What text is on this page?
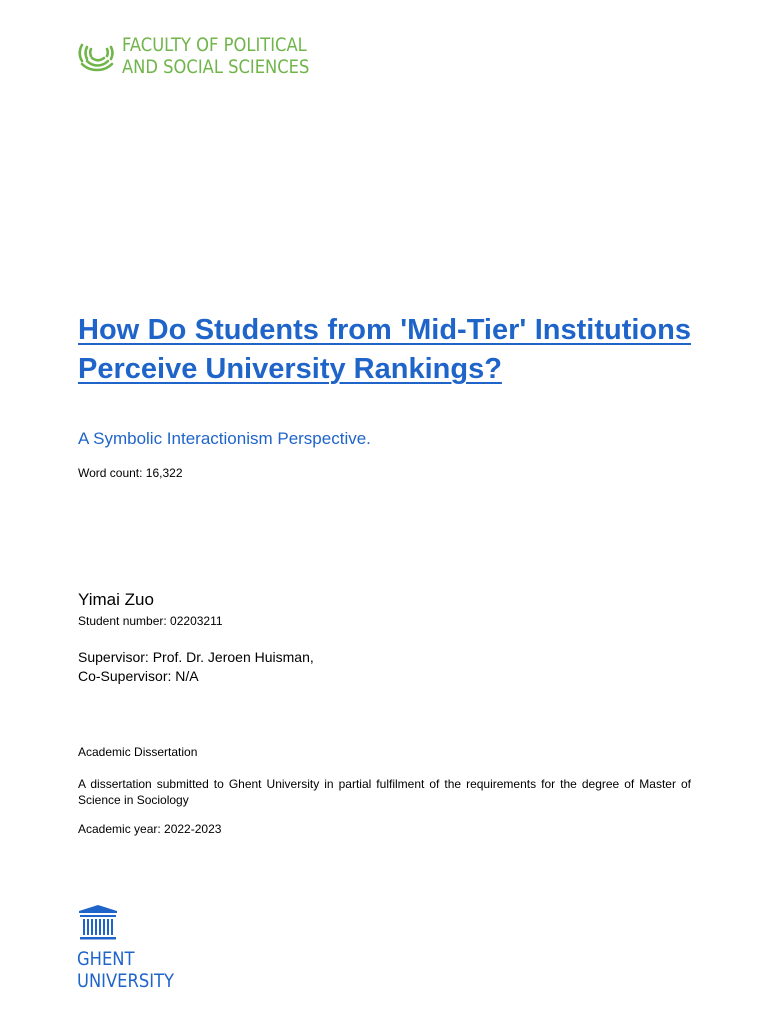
FACULTY OF POLITICAL
AND SOCIAL SCIENCES
How Do Students from 'Mid-Tier' Institutions Perceive University Rankings?
A Symbolic Interactionism Perspective.
Word count: 16,322
Yimai Zuo
Student number: 02203211
Supervisor: Prof. Dr. Jeroen Huisman,
Co-Supervisor: N/A
Academic Dissertation
A dissertation submitted to Ghent University in partial fulfilment of the requirements for the degree of Master of Science in Sociology
Academic year: 2022-2023
GHENT
UNIVERSITY
